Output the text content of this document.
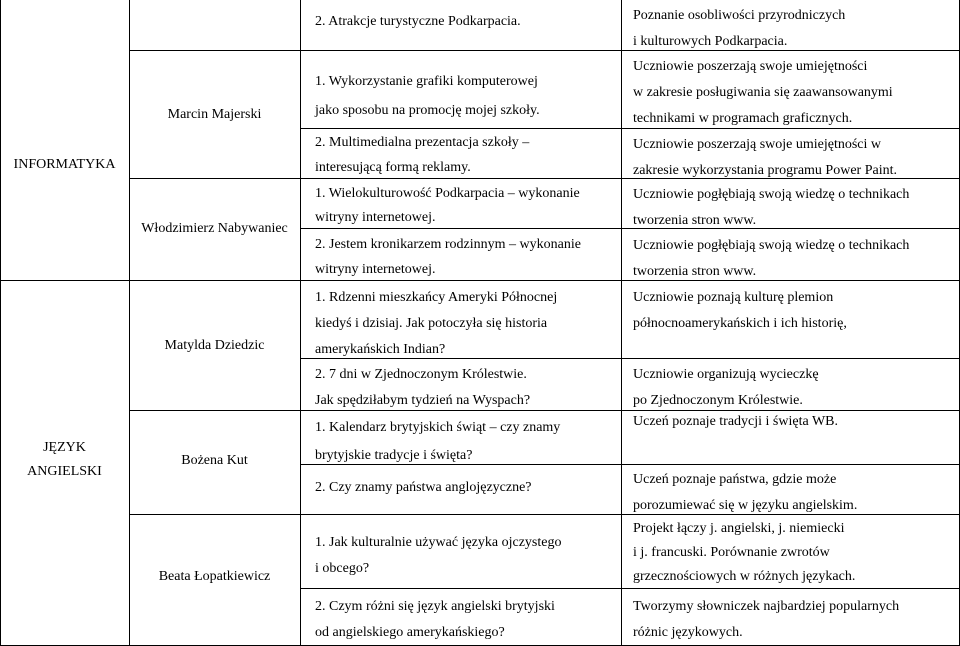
INFORMATYKA
JĘZYK
ANGIELSKI
Marcin Majerski
Włodzimierz Nabywaniec
Matylda Dziedzic
Bożena Kut
Beata Łopatkiewicz
2. Atrakcje turystyczne Podkarpacia.
1. Wykorzystanie grafiki komputerowej
jako sposobu na promocję mojej szkoły.
2. Multimedialna prezentacja szkoły –
interesującą formą reklamy.
1. Wielokulturowość Podkarpacia – wykonanie
witryny internetowej.
2. Jestem kronikarzem rodzinnym – wykonanie
witryny internetowej.
1. Rdzenni mieszkańcy Ameryki Północnej
kiedyś i dzisiaj. Jak potoczyła się historia
amerykańskich Indian?
2. 7 dni w Zjednoczonym Królestwie.
Jak spędziłabym tydzień na Wyspach?
1. Kalendarz brytyjskich świąt – czy znamy
brytyjskie tradycje i święta?
2. Czy znamy państwa anglojęzyczne?
1. Jak kulturalnie używać języka ojczystego
i obcego?
2. Czym różni się język angielski brytyjski
od angielskiego amerykańskiego?
Poznanie osobliwości przyrodniczych
i kulturowych Podkarpacia.
Uczniowie poszerzają swoje umiejętności
w zakresie posługiwania się zaawansowanymi
technikami w programach graficznych.
Uczniowie poszerzają swoje umiejętności w
zakresie wykorzystania programu Power Paint.
Uczniowie pogłębiają swoją wiedzę o technikach
tworzenia stron www.
Uczniowie pogłębiają swoją wiedzę o technikach
tworzenia stron www.
Uczniowie poznają kulturę plemion
północnoamerykańskich i ich historię,
Uczniowie organizują wycieczkę
po Zjednoczonym Królestwie.
Uczeń poznaje tradycji i święta WB.
Uczeń poznaje państwa, gdzie może
porozumiewać się w języku angielskim.
Projekt łączy j. angielski, j. niemiecki
i j. francuski. Porównanie zwrotów
grzecznościowych w różnych językach.
Tworzymy słowniczek najbardziej popularnych
różnic językowych.
